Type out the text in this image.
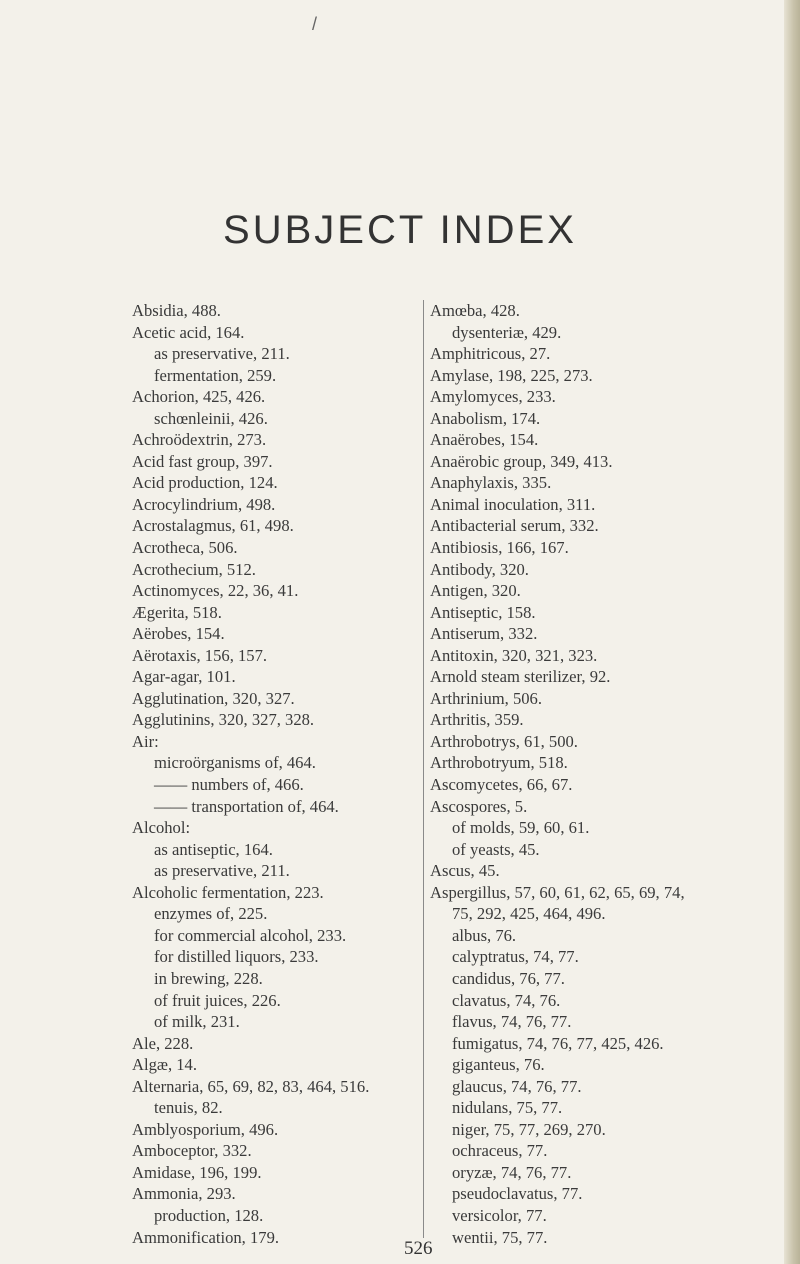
/
SUBJECT INDEX
Absidia, 488.
Acetic acid, 164.
as preservative, 211.
fermentation, 259.
Achorion, 425, 426.
schœnleinii, 426.
Achroödextrin, 273.
Acid fast group, 397.
Acid production, 124.
Acrocylindrium, 498.
Acrostalagmus, 61, 498.
Acrotheca, 506.
Acrothecium, 512.
Actinomyces, 22, 36, 41.
Ægerita, 518.
Aërobes, 154.
Aërotaxis, 156, 157.
Agar-agar, 101.
Agglutination, 320, 327.
Agglutinins, 320, 327, 328.
Air:
microörganisms of, 464.
—— numbers of, 466.
—— transportation of, 464.
Alcohol:
as antiseptic, 164.
as preservative, 211.
Alcoholic fermentation, 223.
enzymes of, 225.
for commercial alcohol, 233.
for distilled liquors, 233.
in brewing, 228.
of fruit juices, 226.
of milk, 231.
Ale, 228.
Algæ, 14.
Alternaria, 65, 69, 82, 83, 464, 516.
tenuis, 82.
Amblyosporium, 496.
Amboceptor, 332.
Amidase, 196, 199.
Ammonia, 293.
production, 128.
Ammonification, 179.
Amœba, 428.
dysenteriæ, 429.
Amphitricous, 27.
Amylase, 198, 225, 273.
Amylomyces, 233.
Anabolism, 174.
Anaërobes, 154.
Anaërobic group, 349, 413.
Anaphylaxis, 335.
Animal inoculation, 311.
Antibacterial serum, 332.
Antibiosis, 166, 167.
Antibody, 320.
Antigen, 320.
Antiseptic, 158.
Antiserum, 332.
Antitoxin, 320, 321, 323.
Arnold steam sterilizer, 92.
Arthrinium, 506.
Arthritis, 359.
Arthrobotrys, 61, 500.
Arthrobotryum, 518.
Ascomycetes, 66, 67.
Ascospores, 5.
of molds, 59, 60, 61.
of yeasts, 45.
Ascus, 45.
Aspergillus, 57, 60, 61, 62, 65, 69, 74,
75, 292, 425, 464, 496.
albus, 76.
calyptratus, 74, 77.
candidus, 76, 77.
clavatus, 74, 76.
flavus, 74, 76, 77.
fumigatus, 74, 76, 77, 425, 426.
giganteus, 76.
glaucus, 74, 76, 77.
nidulans, 75, 77.
niger, 75, 77, 269, 270.
ochraceus, 77.
oryzæ, 74, 76, 77.
pseudoclavatus, 77.
versicolor, 77.
wentii, 75, 77.
526
